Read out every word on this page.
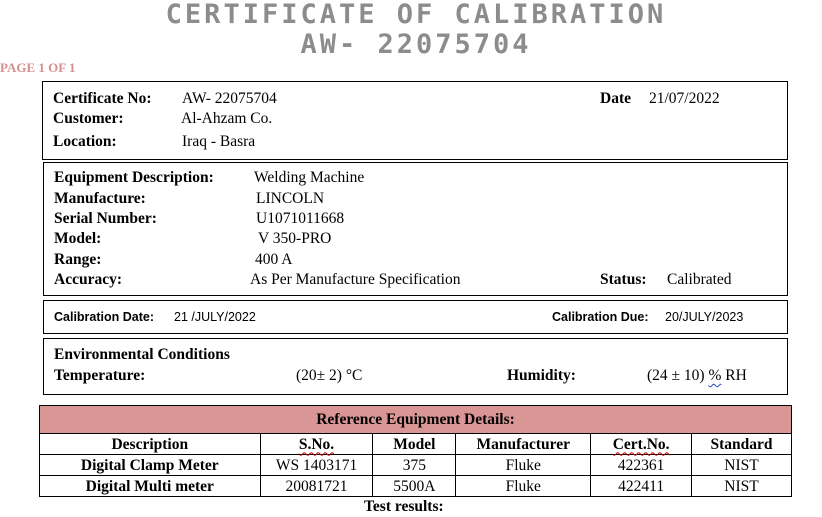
CERTIFICATE OF CALIBRATION
AW- 22075704
PAGE 1 OF 1
Certificate No: AW- 22075704
Customer:	Al-Ahzam Co.
Location:	Iraq - Basra
Date 21/07/2022
Equipment Description:	Welding Machine
Manufacture:	LINCOLN
Serial Number:	U1071011668
Model:	V 350-PRO
Range:	400 A
Accuracy:	As Per Manufacture Specification	Status: Calibrated
Calibration Date: 21 /JULY/2022	Calibration Due: 20/JULY/2023
Environmental Conditions
Temperature:	(20± 2) °C	Humidity:	(24 ± 10) % RH
Reference Equipment Details:					
Description	S.No.	Model	Manufacturer	Cert.No.	Standard
Digital Clamp Meter	WS 1403171	375	Fluke	422361	NIST
Digital Multi meter	20081721	5500A	Fluke	422411	NIST
Test results:
